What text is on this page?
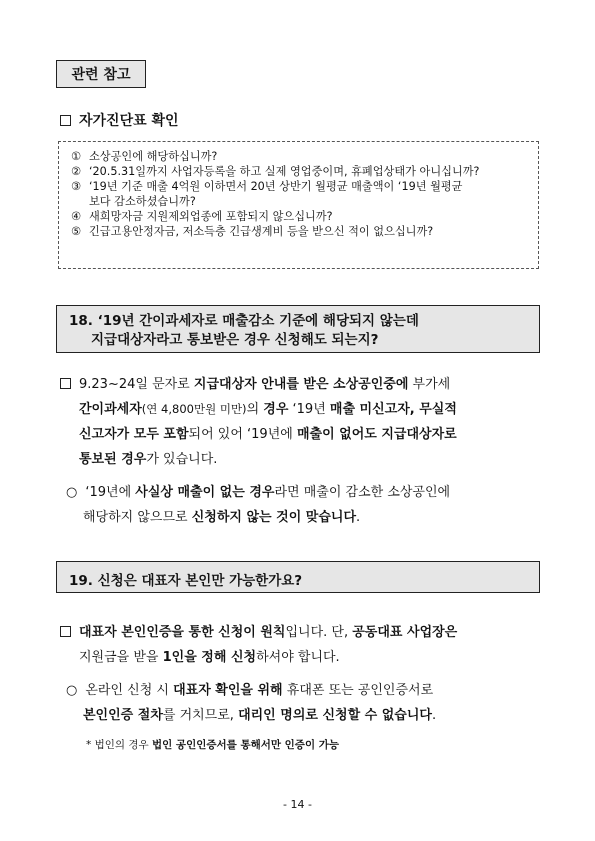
관련 참고
자가진단표 확인
① 소상공인에 해당하십니까?
② ‘20.5.31일까지 사업자등록을 하고 실제 영업중이며, 휴폐업상태가 아니십니까?
③ ‘19년 기준 매출 4억원 이하면서 20년 상반기 월평균 매출액이 ‘19년 월평균
보다 감소하셨습니까?
④ 새희망자금 지원제외업종에 포함되지 않으십니까?
⑤ 긴급고용안정자금, 저소득층 긴급생계비 등을 받으신 적이 없으십니까?
18. ‘19년 간이과세자로 매출감소 기준에 해당되지 않는데
지급대상자라고 통보받은 경우 신청해도 되는지?
9.23~24일 문자로 지급대상자 안내를 받은 소상공인중에 부가세
간이과세자(연 4,800만원 미만)의 경우 ‘19년 매출 미신고자, 무실적
신고자가 모두 포함되어 있어 ‘19년에 매출이 없어도 지급대상자로
통보된 경우가 있습니다.
○ ‘19년에 사실상 매출이 없는 경우라면 매출이 감소한 소상공인에
해당하지 않으므로 신청하지 않는 것이 맞습니다.
19. 신청은 대표자 본인만 가능한가요?
대표자 본인인증을 통한 신청이 원칙입니다. 단, 공동대표 사업장은
지원금을 받을 1인을 정해 신청하셔야 합니다.
○ 온라인 신청 시 대표자 확인을 위해 휴대폰 또는 공인인증서로
본인인증 절차를 거치므로, 대리인 명의로 신청할 수 없습니다.
* 법인의 경우 법인 공인인증서를 통해서만 인증이 가능
- 14 -
